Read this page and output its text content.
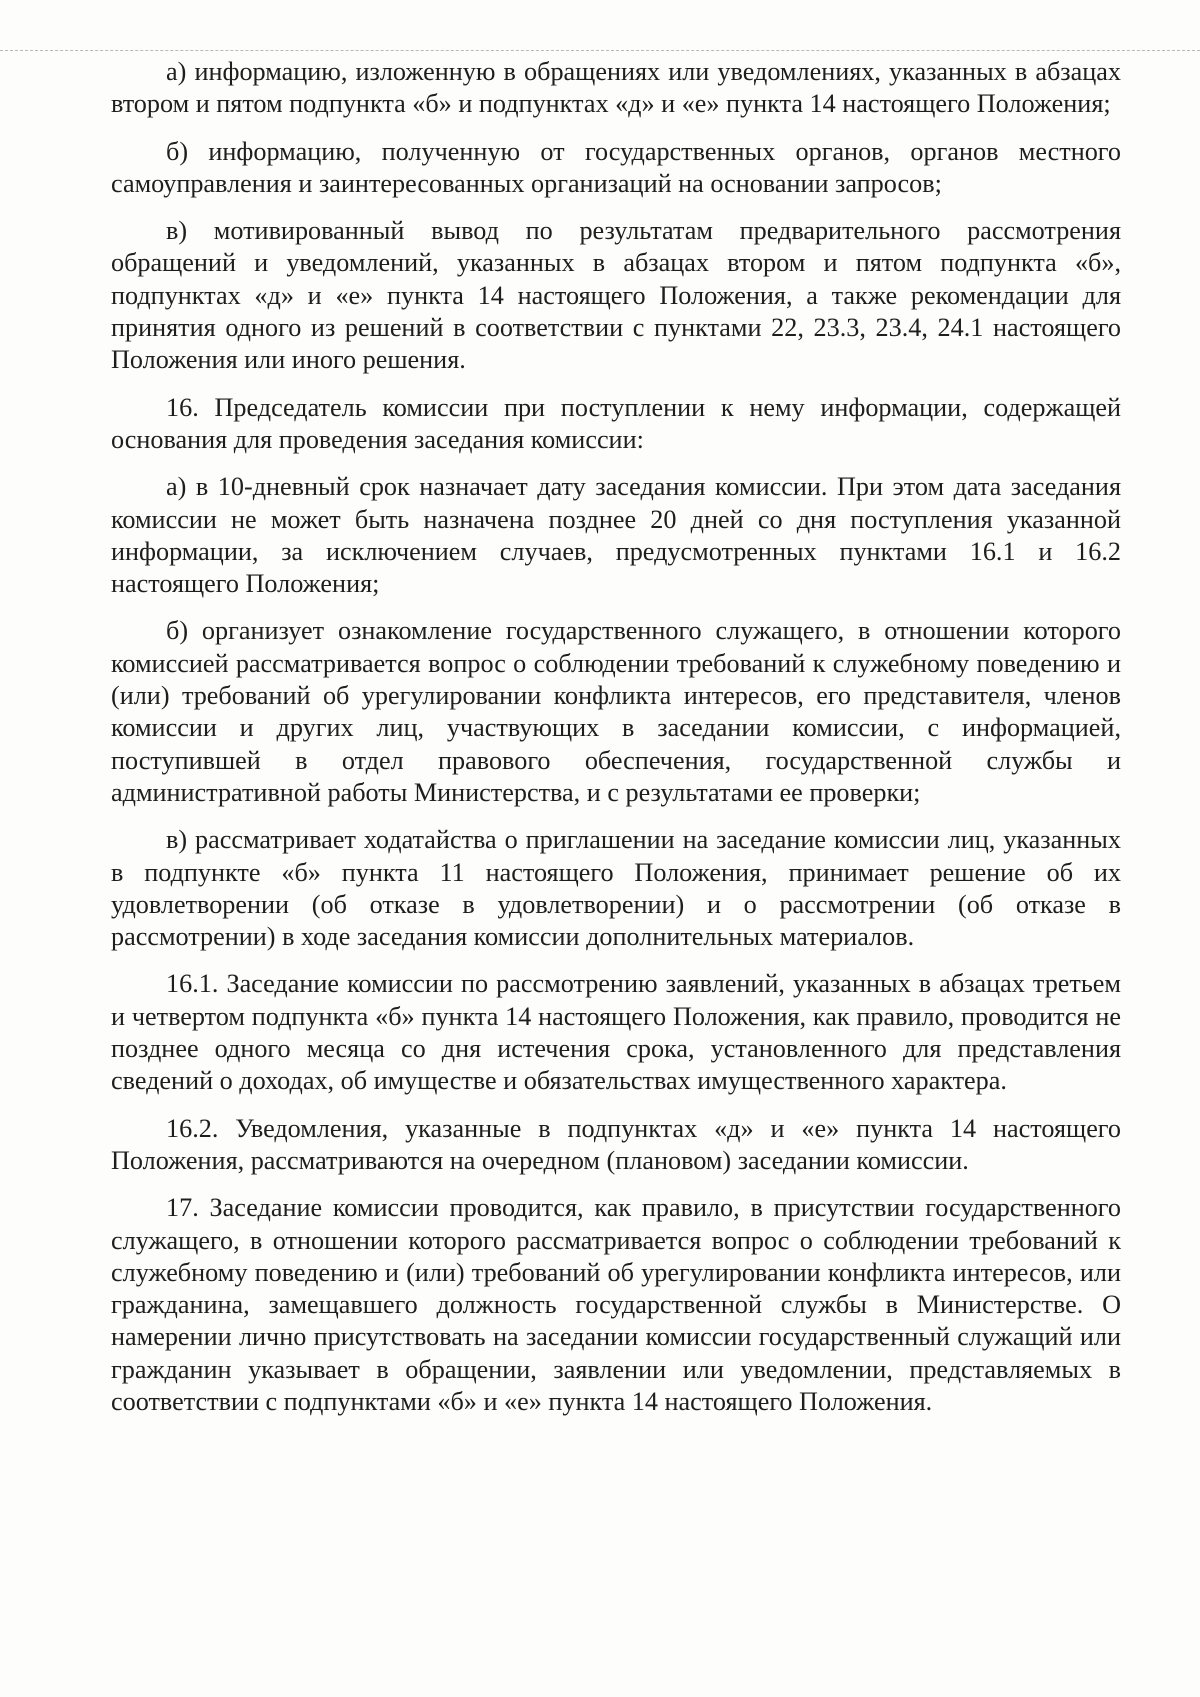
а) информацию, изложенную в обращениях или уведомлениях, указанных в абзацах втором и пятом подпункта «б» и подпунктах «д» и «е» пункта 14 настоящего Положения;

б) информацию, полученную от государственных органов, органов местного самоуправления и заинтересованных организаций на основании запросов;

в) мотивированный вывод по результатам предварительного рассмотрения обращений и уведомлений, указанных в абзацах втором и пятом подпункта «б», подпунктах «д» и «е» пункта 14 настоящего Положения, а также рекомендации для принятия одного из решений в соответствии с пунктами 22, 23.3, 23.4, 24.1 настоящего Положения или иного решения.

16. Председатель комиссии при поступлении к нему информации, содержащей основания для проведения заседания комиссии:

а) в 10-дневный срок назначает дату заседания комиссии. При этом дата заседания комиссии не может быть назначена позднее 20 дней со дня поступления указанной информации, за исключением случаев, предусмотренных пунктами 16.1 и 16.2 настоящего Положения;

б) организует ознакомление государственного служащего, в отношении которого комиссией рассматривается вопрос о соблюдении требований к служебному поведению и (или) требований об урегулировании конфликта интересов, его представителя, членов комиссии и других лиц, участвующих в заседании комиссии, с информацией, поступившей в отдел правового обеспечения, государственной службы и административной работы Министерства, и с результатами ее проверки;

в) рассматривает ходатайства о приглашении на заседание комиссии лиц, указанных в подпункте «б» пункта 11 настоящего Положения, принимает решение об их удовлетворении (об отказе в удовлетворении) и о рассмотрении (об отказе в рассмотрении) в ходе заседания комиссии дополнительных материалов.

16.1. Заседание комиссии по рассмотрению заявлений, указанных в абзацах третьем и четвертом подпункта «б» пункта 14 настоящего Положения, как правило, проводится не позднее одного месяца со дня истечения срока, установленного для представления сведений о доходах, об имуществе и обязательствах имущественного характера.

16.2. Уведомления, указанные в подпунктах «д» и «е» пункта 14 настоящего Положения, рассматриваются на очередном (плановом) заседании комиссии.

17. Заседание комиссии проводится, как правило, в присутствии государственного служащего, в отношении которого рассматривается вопрос о соблюдении требований к служебному поведению и (или) требований об урегулировании конфликта интересов, или гражданина, замещавшего должность государственной службы в Министерстве. О намерении лично присутствовать на заседании комиссии государственный служащий или гражданин указывает в обращении, заявлении или уведомлении, представляемых в соответствии с подпунктами «б» и «е» пункта 14 настоящего Положения.
